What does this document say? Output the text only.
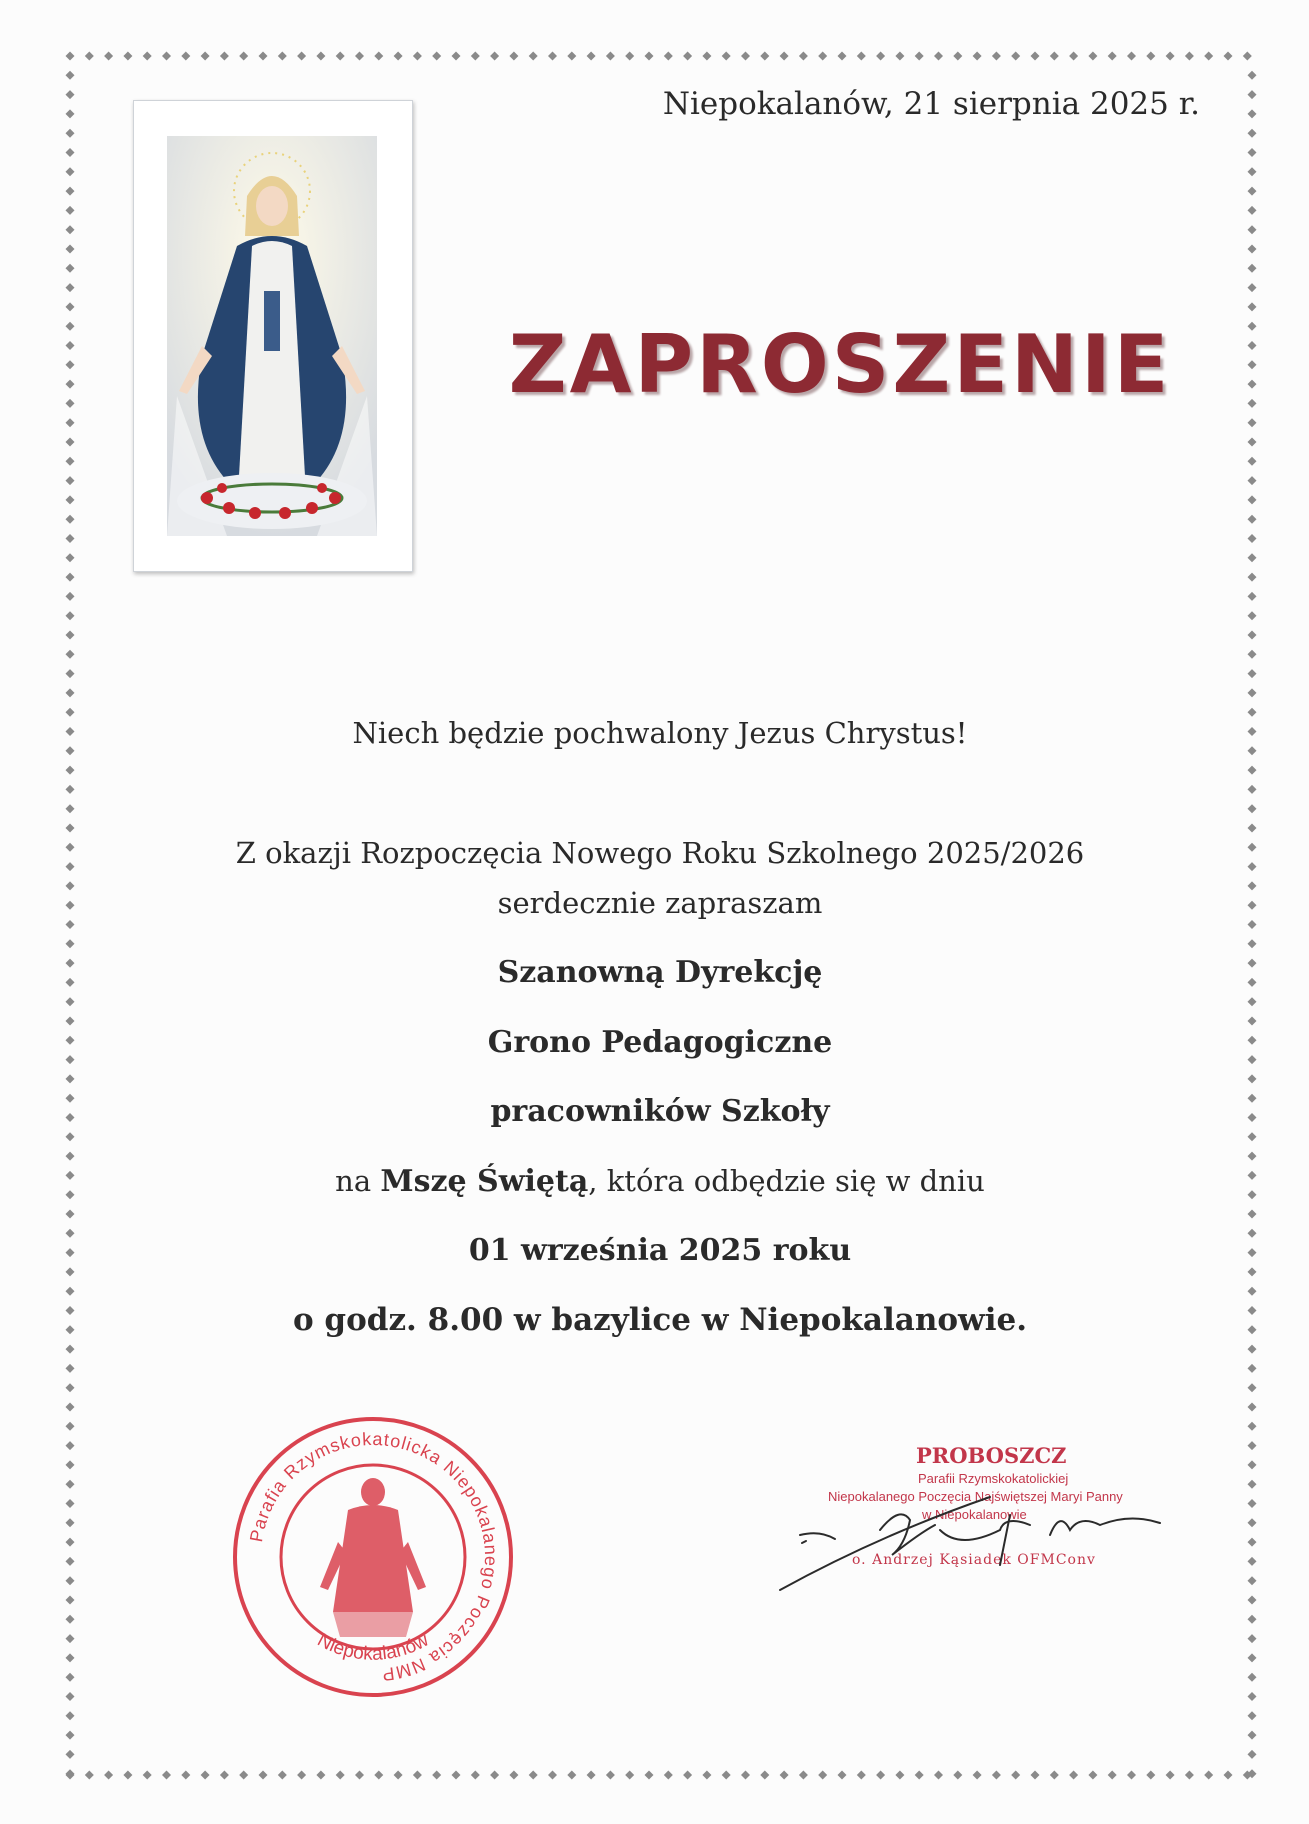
Niepokalanów, 21 sierpnia 2025 r.
ZAPROSZENIE
Niech będzie pochwalony Jezus Chrystus!
Z okazji Rozpoczęcia Nowego Roku Szkolnego 2025/2026
serdecznie zapraszam
Szanowną Dyrekcję
Grono Pedagogiczne
pracowników Szkoły
na Mszę Świętą, która odbędzie się w dniu
01 września 2025 roku
o godz. 8.00 w bazylice w Niepokalanowie.
Parafia Rzymskokatolicka Niepokalanego Poczęcia NMP
Niepokalanów
PROBOSZCZ
Parafii Rzymskokatolickiej
Niepokalanego Poczęcia Najświętszej Maryi Panny
w Niepokalanowie
o. Andrzej Kąsiadek OFMConv
